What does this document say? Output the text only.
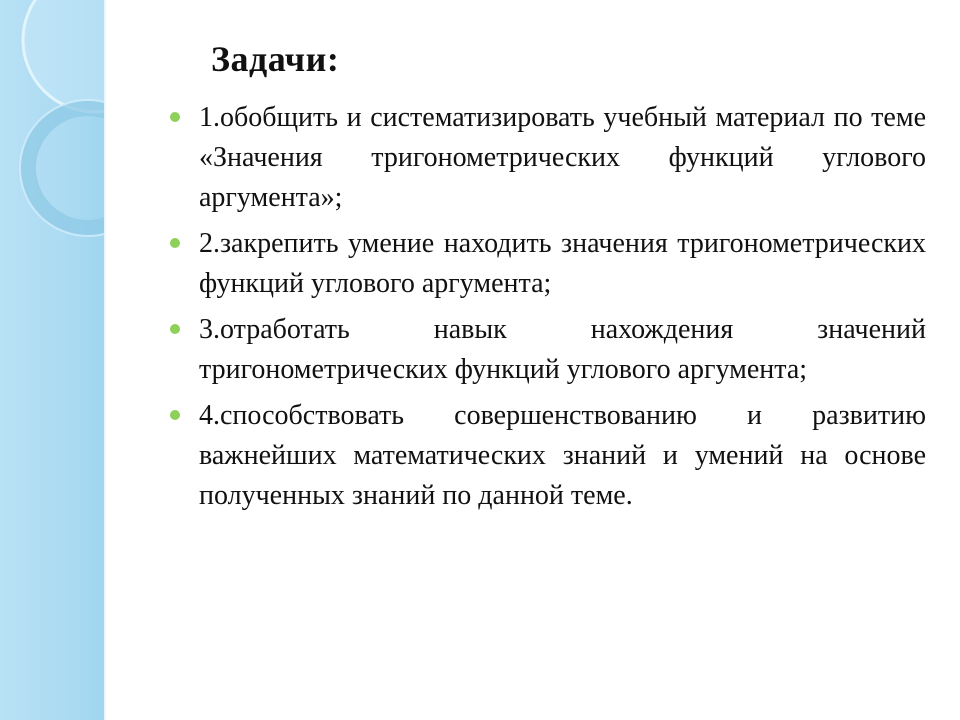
Задачи:
1.обобщить и систематизировать учебный материал по теме «Значения тригонометрических функций углового аргумента»;
2.закрепить умение находить значения тригонометрических функций углового аргумента;
3.отработать навык нахождения значений тригонометрических функций углового аргумента;
4.способствовать совершенствованию и развитию важнейших математических знаний и умений на основе полученных знаний по данной теме.
